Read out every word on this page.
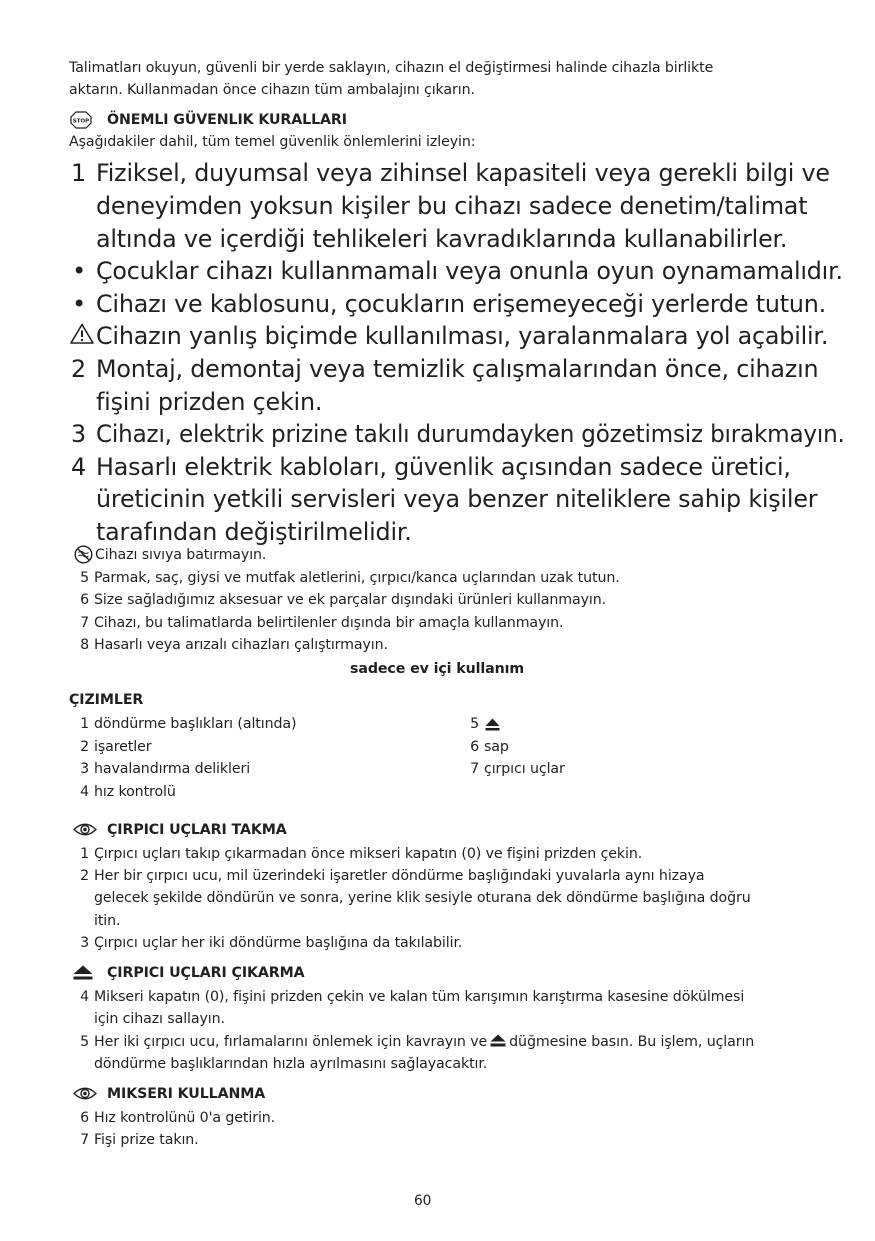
Talimatları okuyun, güvenli bir yerde saklayın, cihazın el değiştirmesi halinde cihazla birlikte
aktarın. Kullanmadan önce cihazın tüm ambalajını çıkarın.
STOP ÖNEMLI GÜVENLIK KURALLARI
Aşağıdakiler dahil, tüm temel güvenlik önlemlerini izleyin:
1 Fiziksel, duyumsal veya zihinsel kapasiteli veya gerekli bilgi ve
deneyimden yoksun kişiler bu cihazı sadece denetim/talimat
altında ve içerdiği tehlikeleri kavradıklarında kullanabilirler.
• Çocuklar cihazı kullanmamalı veya onunla oyun oynamamalıdır.
• Cihazı ve kablosunu, çocukların erişemeyeceği yerlerde tutun.
Cihazın yanlış biçimde kullanılması, yaralanmalara yol açabilir.
2 Montaj, demontaj veya temizlik çalışmalarından önce, cihazın
fişini prizden çekin.
3 Cihazı, elektrik prizine takılı durumdayken gözetimsiz bırakmayın.
4 Hasarlı elektrik kabloları, güvenlik açısından sadece üretici,
üreticinin yetkili servisleri veya benzer niteliklere sahip kişiler
tarafından değiştirilmelidir.
Cihazı sıvıya batırmayın.
5 Parmak, saç, giysi ve mutfak aletlerini, çırpıcı/kanca uçlarından uzak tutun.
6 Size sağladığımız aksesuar ve ek parçalar dışındaki ürünleri kullanmayın.
7 Cihazı, bu talimatlarda belirtilenler dışında bir amaçla kullanmayın.
8 Hasarlı veya arızalı cihazları çalıştırmayın.
sadece ev içi kullanım
ÇIZIMLER
1 döndürme başlıkları (altında)
2 işaretler
3 havalandırma delikleri
4 hız kontrolü
5
6 sap
7 çırpıcı uçlar
ÇIRPICI UÇLARI TAKMA
1 Çırpıcı uçları takıp çıkarmadan önce mikseri kapatın (0) ve fişini prizden çekin.
2 Her bir çırpıcı ucu, mil üzerindeki işaretler döndürme başlığındaki yuvalarla aynı hizaya
gelecek şekilde döndürün ve sonra, yerine klik sesiyle oturana dek döndürme başlığına doğru
itin.
3 Çırpıcı uçlar her iki döndürme başlığına da takılabilir.
ÇIRPICI UÇLARI ÇIKARMA
4 Mikseri kapatın (0), fişini prizden çekin ve kalan tüm karışımın karıştırma kasesine dökülmesi
için cihazı sallayın.
5 Her iki çırpıcı ucu, fırlamalarını önlemek için kavrayın ve düğmesine basın. Bu işlem, uçların
döndürme başlıklarından hızla ayrılmasını sağlayacaktır.
MIKSERI KULLANMA
6 Hız kontrolünü 0'a getirin.
7 Fişi prize takın.
60
